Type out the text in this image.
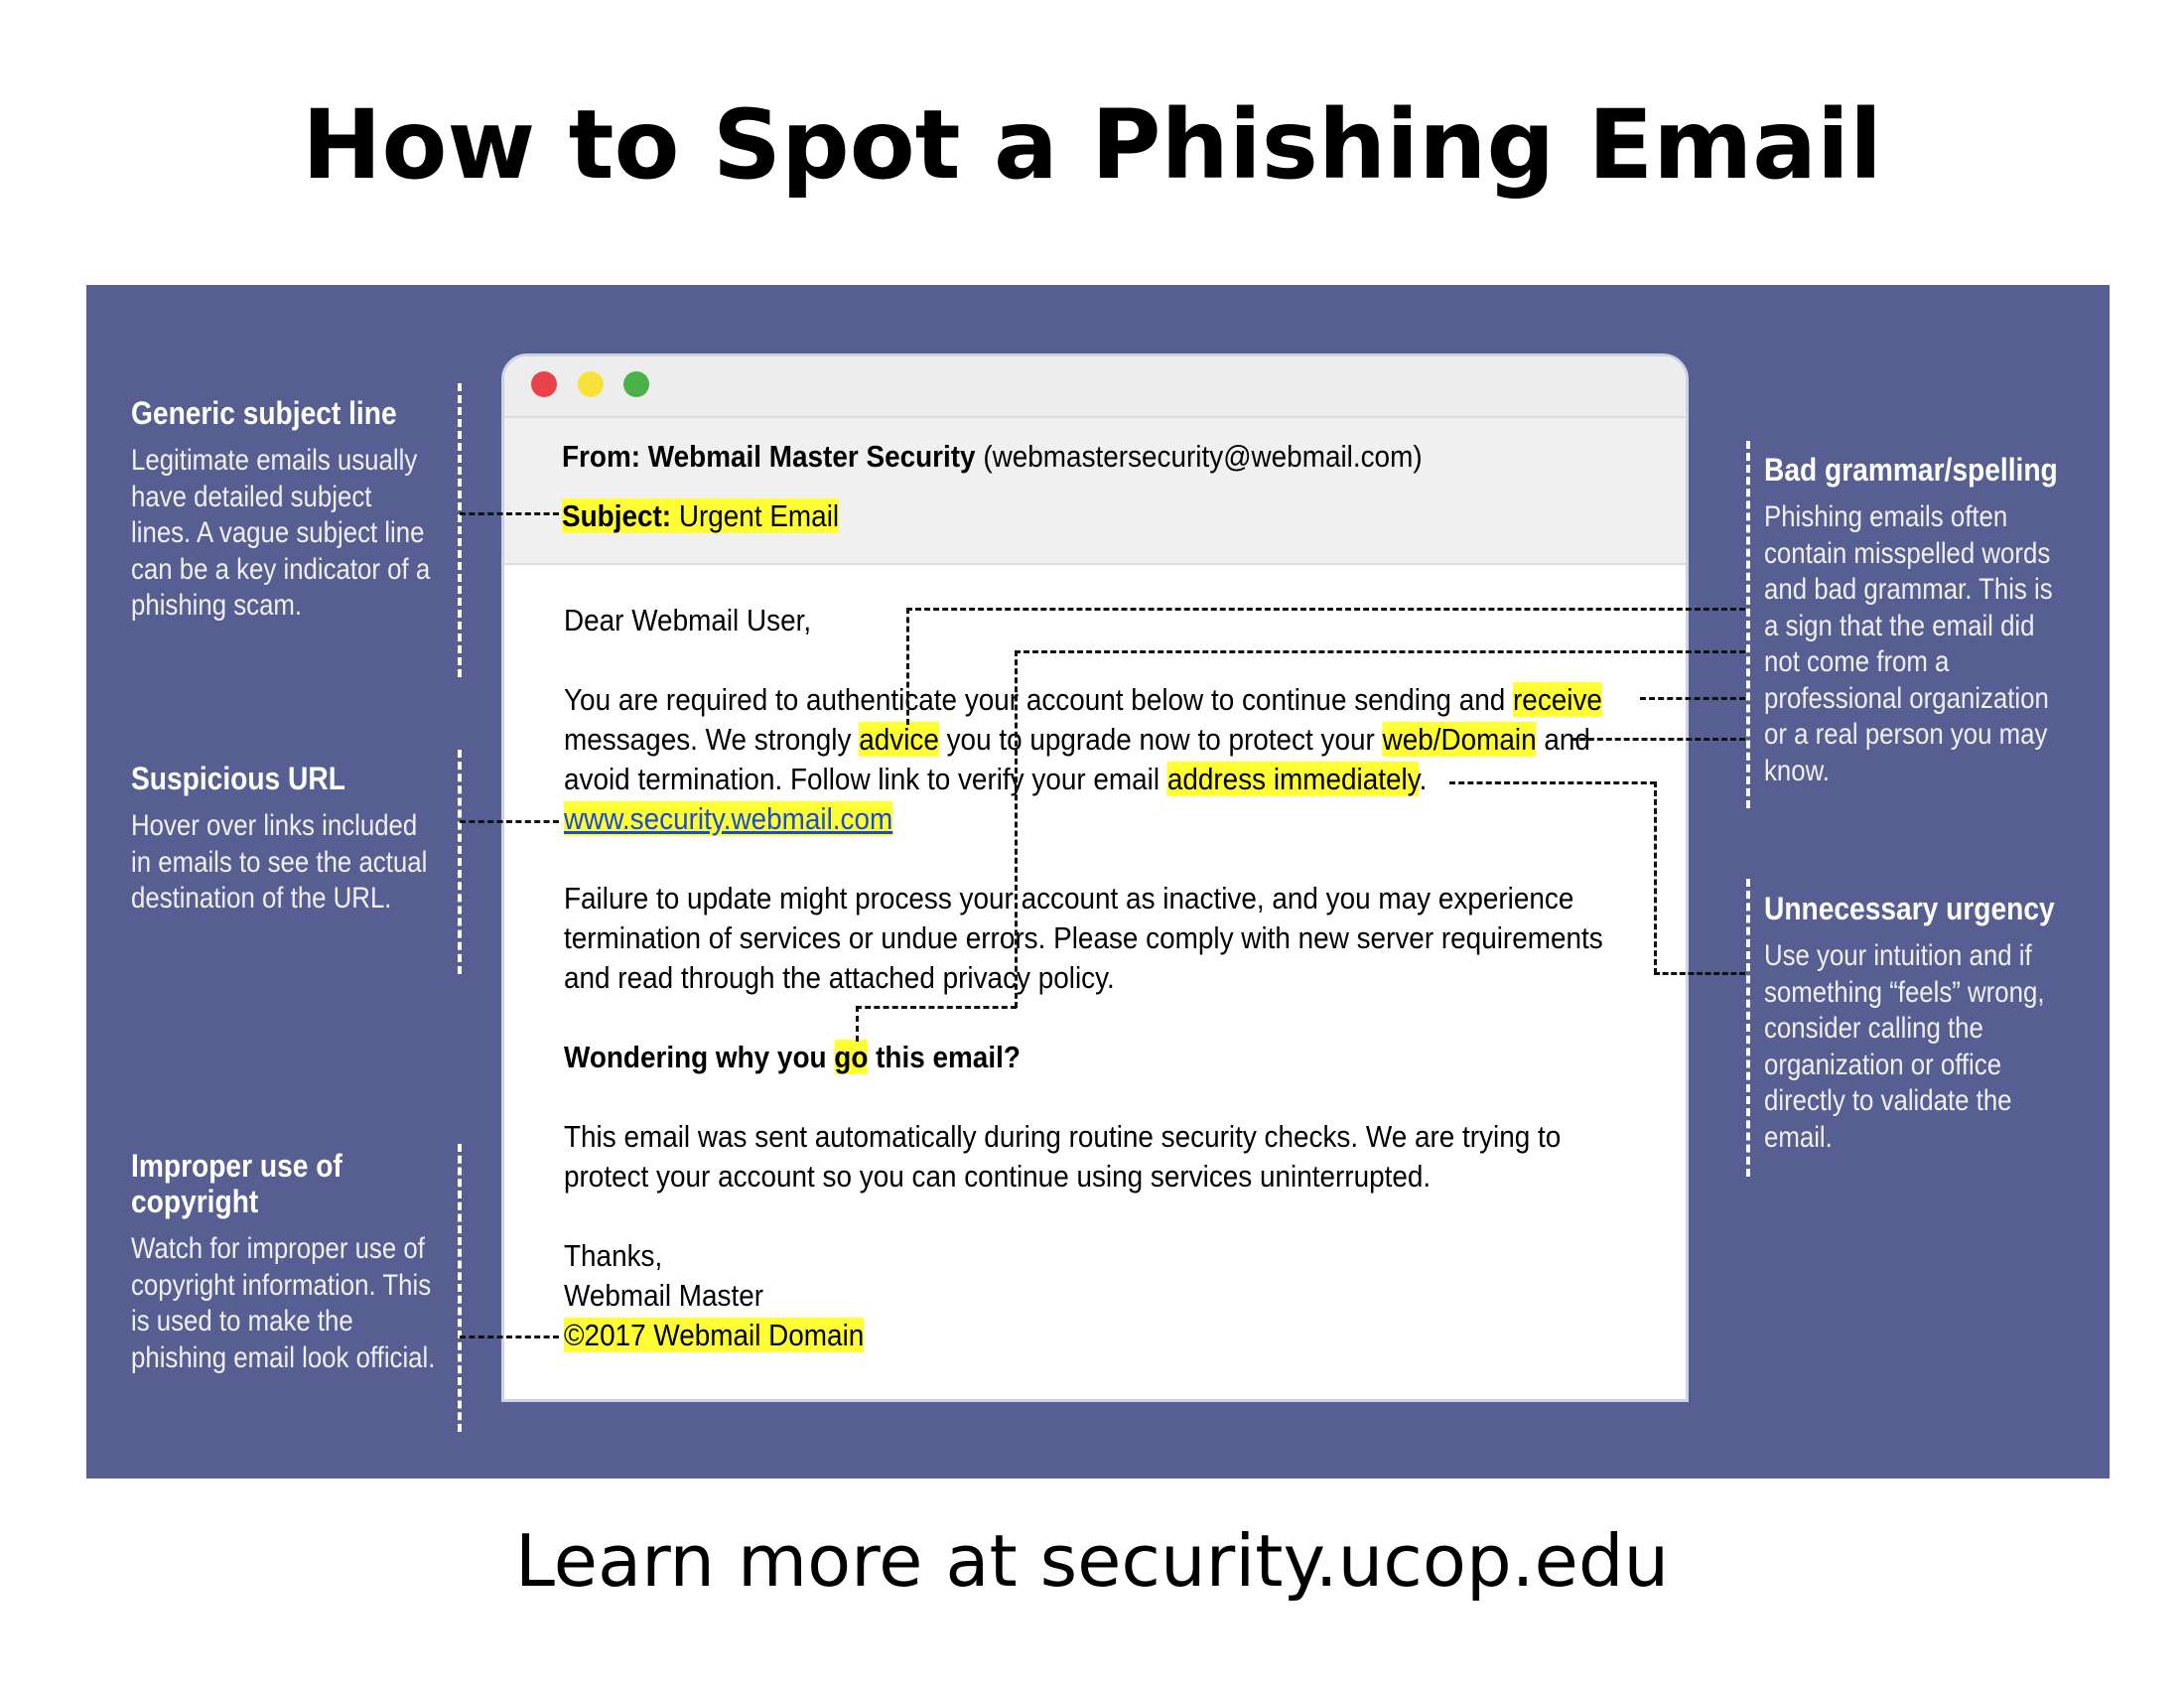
How to Spot a Phishing Email
Generic subject line

Legitimate emails usually have detailed subject lines. A vague subject line can be a key indicator of a phishing scam.

Suspicious URL

Hover over links included in emails to see the actual destination of the URL.

Improper use of
copyright

Watch for improper use of copyright information. This is used to make the phishing email look official.

Bad grammar/spelling

Phishing emails often contain misspelled words and bad grammar. This is a sign that the email did not come from a professional organization or a real person you may know.

Unnecessary urgency

Use your intuition and if something “feels” wrong, consider calling the organization or office directly to validate the email.

From: Webmail Master Security (webmastersecurity@webmail.com)
Subject: Urgent Email
Dear Webmail User,
You are required to authenticate your account below to continue sending and receive
messages. We strongly advice you to upgrade now to protect your web/Domain and
avoid termination. Follow link to verify your email address immediately.
www.security.webmail.com
Failure to update might process your account as inactive, and you may experience
termination of services or undue errors. Please comply with new server requirements
and read through the attached privacy policy.
Wondering why you go this email?
This email was sent automatically during routine security checks. We are trying to
protect your account so you can continue using services uninterrupted.
Thanks,
Webmail Master
©2017 Webmail Domain
Learn more at security.ucop.edu
